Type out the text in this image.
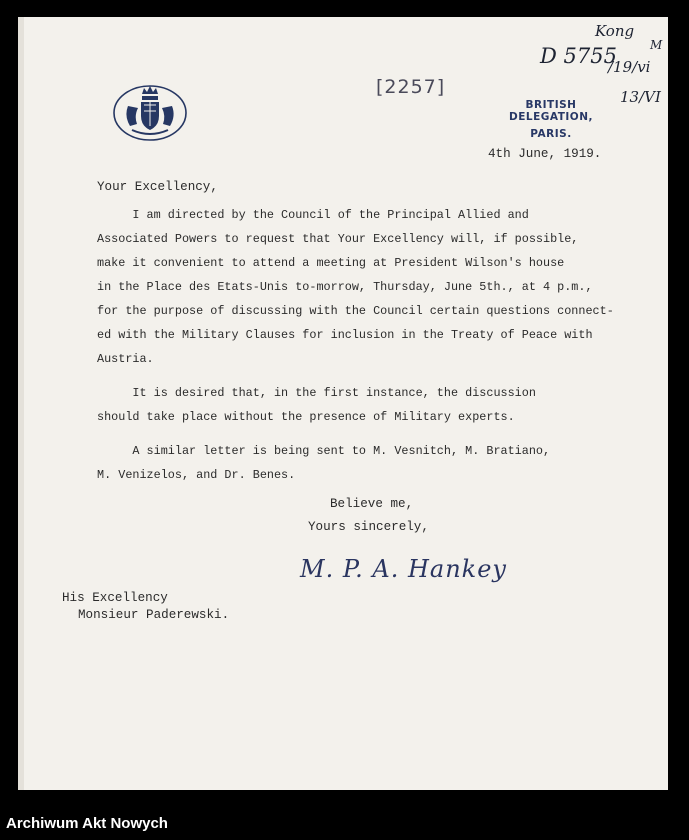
Kong
D 5755	M
/19/vi
13/VI
[2257]
BRITISH DELEGATION,
PARIS.
4th June, 1919.
Your Excellency,
I am directed by the Council of the Principal Allied and
Associated Powers to request that Your Excellency will, if possible,
make it convenient to attend a meeting at President Wilson's house
in the Place des Etats-Unis to-morrow, Thursday, June 5th., at 4 p.m.,
for the purpose of discussing with the Council certain questions connect-
ed with the Military Clauses for inclusion in the Treaty of Peace with
Austria.
It is desired that, in the first instance, the discussion
should take place without the presence of Military experts.
A similar letter is being sent to M. Vesnitch, M. Bratiano,
M. Venizelos, and Dr. Benes.
Believe me,
Yours sincerely,
M. P. A. Hankey
His Excellency
Monsieur Paderewski.
Archiwum Akt Nowych
